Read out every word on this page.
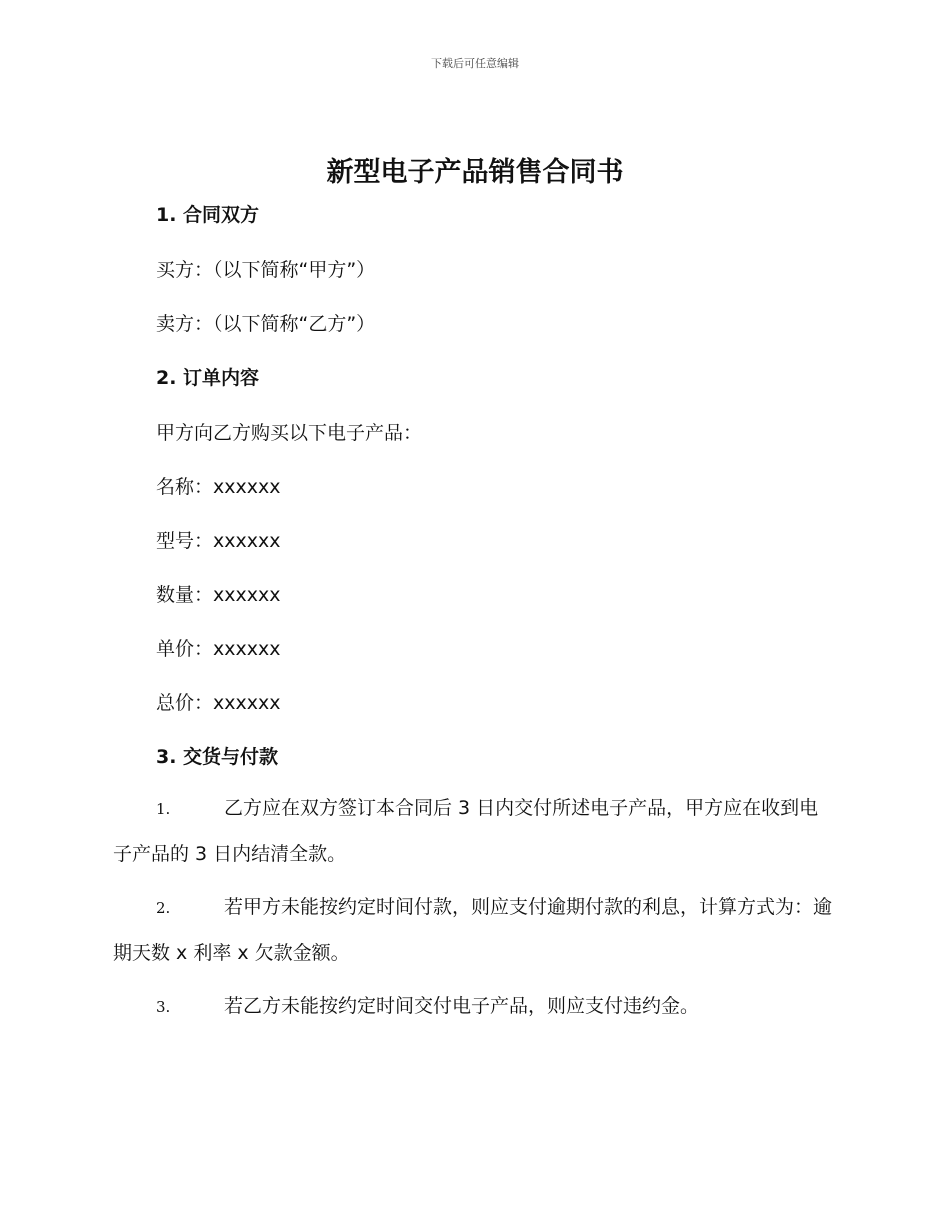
下载后可任意编辑
新型电子产品销售合同书
1. 合同双方

买方：（以下简称“甲方”）

卖方：（以下简称“乙方”）

2. 订单内容

甲方向乙方购买以下电子产品：

名称：xxxxxx

型号：xxxxxx

数量：xxxxxx

单价：xxxxxx

总价：xxxxxx

3. 交货与付款

1.	乙方应在双方签订本合同后 3 日内交付所述电子产品，甲方应在收到电子产品的 3 日内结清全款。

2.	若甲方未能按约定时间付款，则应支付逾期付款的利息，计算方式为：逾期天数 x 利率 x 欠款金额。

3.	若乙方未能按约定时间交付电子产品，则应支付违约金。
